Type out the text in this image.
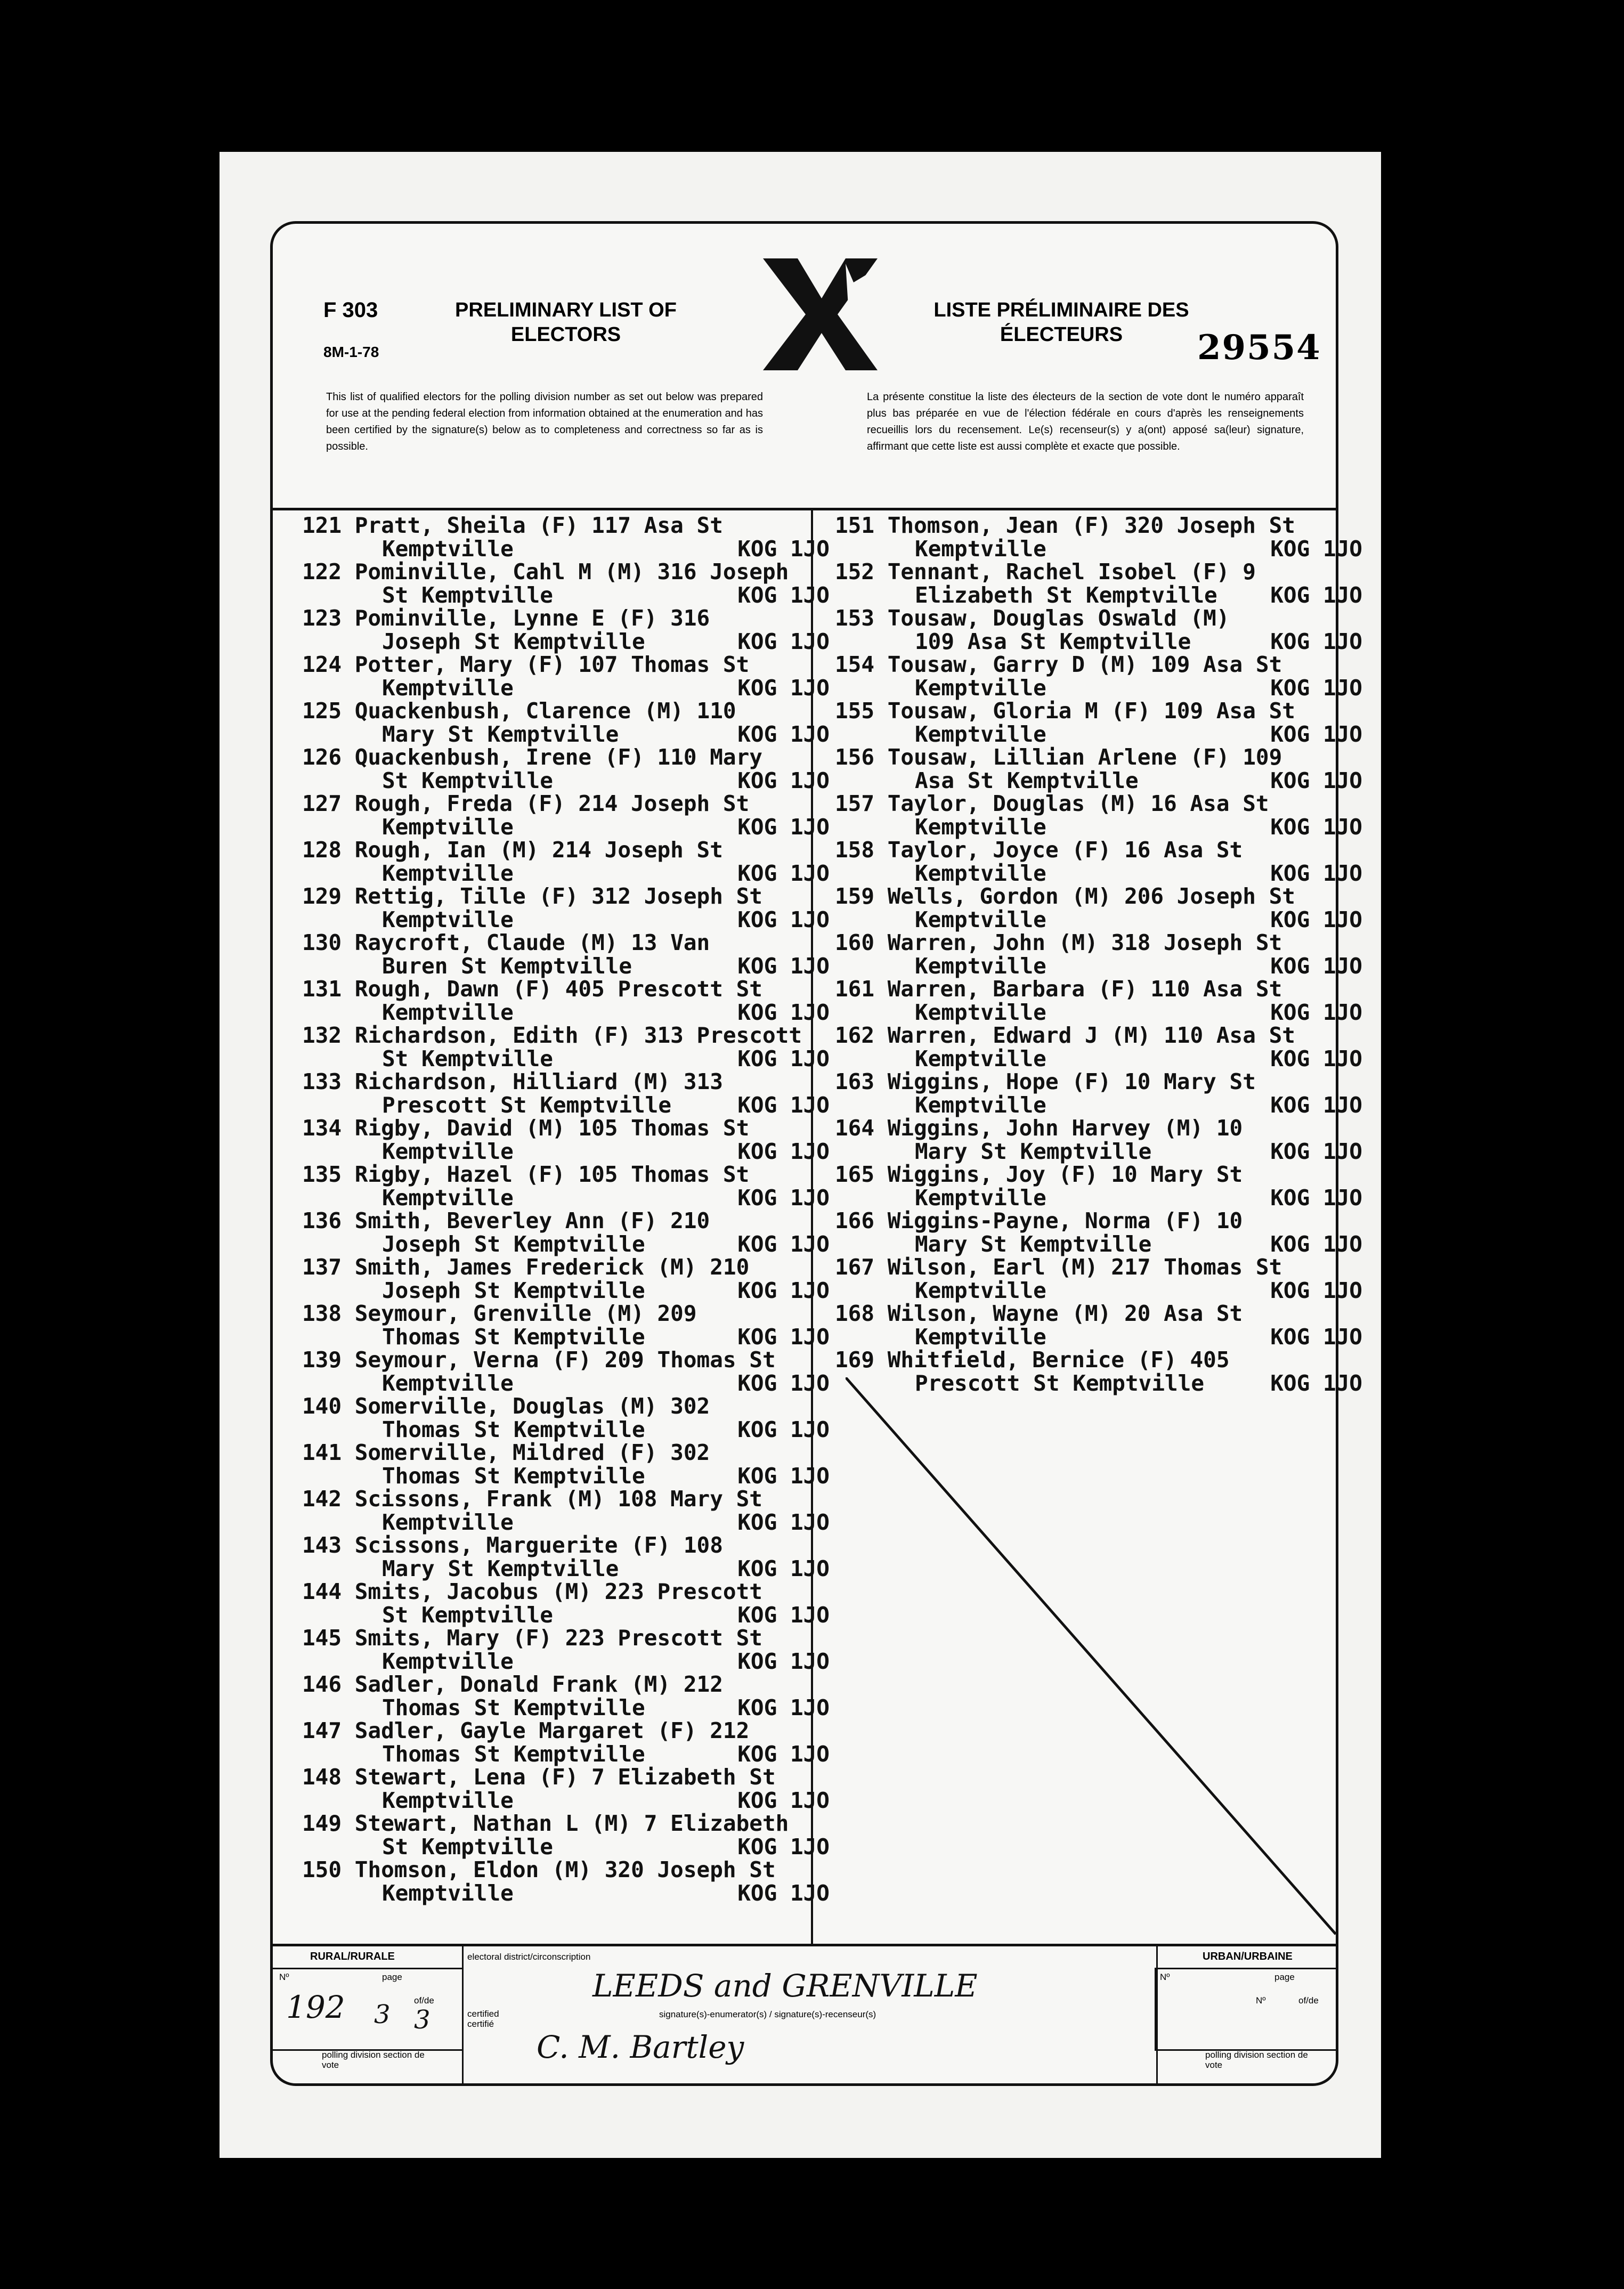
F 303
8M-1-78
PRELIMINARY LIST OF ELECTORS
LISTE PRÉLIMINAIRE DES ÉLECTEURS	29554
This list of qualified electors for the polling division number as set out below was prepared for use at the pending federal election from information obtained at the enumeration and has been certified by the signature(s) below as to completeness and correctness so far as is possible.
La présente constitue la liste des électeurs de la section de vote dont le numéro apparaît plus bas préparée en vue de l'élection fédérale en cours d'après les renseignements recueillis lors du recensement. Le(s) recenseur(s) y a(ont) apposé sa(leur) signature, affirmant que cette liste est aussi complète et exacte que possible.
121 Pratt, Sheila (F) 117 Asa St
Kemptville	KOG 1JO
122 Pominville, Cahl M (M) 316 Joseph
St Kemptville	KOG 1JO
123 Pominville, Lynne E (F) 316
Joseph St Kemptville	KOG 1JO
124 Potter, Mary (F) 107 Thomas St
Kemptville	KOG 1JO
125 Quackenbush, Clarence (M) 110
Mary St Kemptville	KOG 1JO
126 Quackenbush, Irene (F) 110 Mary
St Kemptville	KOG 1JO
127 Rough, Freda (F) 214 Joseph St
Kemptville	KOG 1JO
128 Rough, Ian (M) 214 Joseph St
Kemptville	KOG 1JO
129 Rettig, Tille (F) 312 Joseph St
Kemptville	KOG 1JO
130 Raycroft, Claude (M) 13 Van
Buren St Kemptville	KOG 1JO
131 Rough, Dawn (F) 405 Prescott St
Kemptville	KOG 1JO
132 Richardson, Edith (F) 313 Prescott
St Kemptville	KOG 1JO
133 Richardson, Hilliard (M) 313
Prescott St Kemptville	KOG 1JO
134 Rigby, David (M) 105 Thomas St
Kemptville	KOG 1JO
135 Rigby, Hazel (F) 105 Thomas St
Kemptville	KOG 1JO
136 Smith, Beverley Ann (F) 210
Joseph St Kemptville	KOG 1JO
137 Smith, James Frederick (M) 210
Joseph St Kemptville	KOG 1JO
138 Seymour, Grenville (M) 209
Thomas St Kemptville	KOG 1JO
139 Seymour, Verna (F) 209 Thomas St
Kemptville	KOG 1JO
140 Somerville, Douglas (M) 302
Thomas St Kemptville	KOG 1JO
141 Somerville, Mildred (F) 302
Thomas St Kemptville	KOG 1JO
142 Scissons, Frank (M) 108 Mary St
Kemptville	KOG 1JO
143 Scissons, Marguerite (F) 108
Mary St Kemptville	KOG 1JO
144 Smits, Jacobus (M) 223 Prescott
St Kemptville	KOG 1JO
145 Smits, Mary (F) 223 Prescott St
Kemptville	KOG 1JO
146 Sadler, Donald Frank (M) 212
Thomas St Kemptville	KOG 1JO
147 Sadler, Gayle Margaret (F) 212
Thomas St Kemptville	KOG 1JO
148 Stewart, Lena (F) 7 Elizabeth St
Kemptville	KOG 1JO
149 Stewart, Nathan L (M) 7 Elizabeth
St Kemptville	KOG 1JO
150 Thomson, Eldon (M) 320 Joseph St
Kemptville	KOG 1JO
151 Thomson, Jean (F) 320 Joseph St
Kemptville	KOG 1JO
152 Tennant, Rachel Isobel (F) 9
Elizabeth St Kemptville KOG 1JO
153 Tousaw, Douglas Oswald (M)
109 Asa St Kemptville	KOG 1JO
154 Tousaw, Garry D (M) 109 Asa St
Kemptville	KOG 1JO
155 Tousaw, Gloria M (F) 109 Asa St
Kemptville	KOG 1JO
156 Tousaw, Lillian Arlene (F) 109
Asa St Kemptville	KOG 1JO
157 Taylor, Douglas (M) 16 Asa St
Kemptville	KOG 1JO
158 Taylor, Joyce (F) 16 Asa St
Kemptville	KOG 1JO
159 Wells, Gordon (M) 206 Joseph St
Kemptville	KOG 1JO
160 Warren, John (M) 318 Joseph St
Kemptville	KOG 1JO
161 Warren, Barbara (F) 110 Asa St
Kemptville	KOG 1JO
162 Warren, Edward J (M) 110 Asa St
Kemptville	KOG 1JO
163 Wiggins, Hope (F) 10 Mary St
Kemptville	KOG 1JO
164 Wiggins, John Harvey (M) 10
Mary St Kemptville	KOG 1JO
165 Wiggins, Joy (F) 10 Mary St
Kemptville	KOG 1JO
166 Wiggins-Payne, Norma (F) 10
Mary St Kemptville	KOG 1JO
167 Wilson, Earl (M) 217 Thomas St
Kemptville	KOG 1JO
168 Wilson, Wayne (M) 20 Asa St
Kemptville	KOG 1JO
169 Whitfield, Bernice (F) 405
Prescott St Kemptville	KOG 1JO
RURAL/RURALE
Nº
192
page
of/de
3 3
polling division section de vote
electoral district/circonscription
LEEDS and GRENVILLE
certified certifié
signature(s)-enumerator(s) / signature(s)-recenseur(s)
C. M. Bartley
URBAN/URBAINE
Nº	page
Nº	of/de
polling division section de vote
